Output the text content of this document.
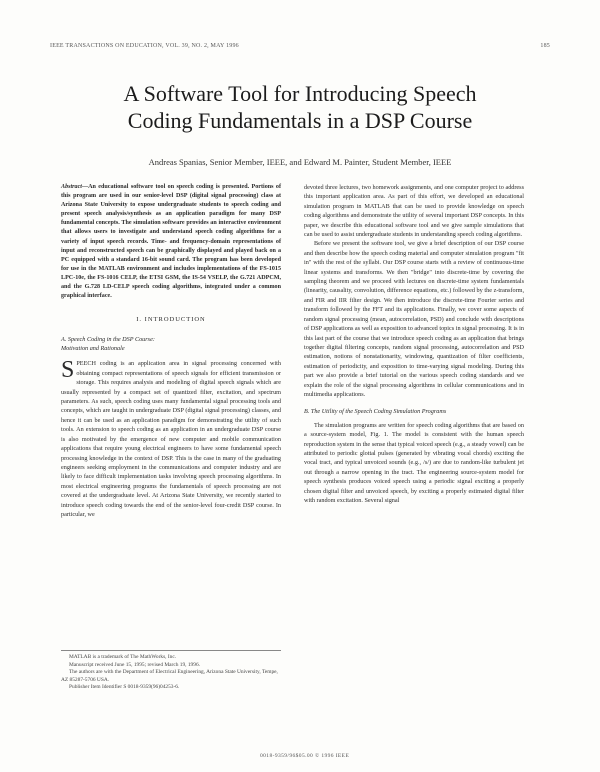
IEEE TRANSACTIONS ON EDUCATION, VOL. 39, NO. 2, MAY 1996	185
A Software Tool for Introducing Speech
Coding Fundamentals in a DSP Course
Andreas Spanias, Senior Member, IEEE, and Edward M. Painter, Student Member, IEEE
Abstract—An educational software tool on speech coding is presented. Portions of this program are used in our senior-level DSP (digital signal processing) class at Arizona State University to expose undergraduate students to speech coding and present speech analysis/synthesis as an application paradigm for many DSP fundamental concepts. The simulation software provides an interactive environment that allows users to investigate and understand speech coding algorithms for a variety of input speech records. Time- and frequency-domain representations of input and reconstructed speech can be graphically displayed and played back on a PC equipped with a standard 16-bit sound card. The program has been developed for use in the MATLAB environment and includes implementations of the FS-1015 LPC-10e, the FS-1016 CELP, the ETSI GSM, the IS-54 VSELP, the G.721 ADPCM, and the G.728 LD-CELP speech coding algorithms, integrated under a common graphical interface.
I. INTRODUCTION
A. Speech Coding in the DSP Course:
Motivation and Rationale

SPEECH coding is an application area in signal processing concerned with obtaining compact representations of speech signals for efficient transmission or storage. This requires analysis and modeling of digital speech signals which are usually represented by a compact set of quantized filter, excitation, and spectrum parameters. As such, speech coding uses many fundamental signal processing tools and concepts, which are taught in undergraduate DSP (digital signal processing) classes, and hence it can be used as an application paradigm for demonstrating the utility of such tools. An extension to speech coding as an application in an undergraduate DSP course is also motivated by the emergence of new computer and mobile communication applications that require young electrical engineers to have some fundamental speech processing knowledge in the context of DSP. This is the case in many of the graduating engineers seeking employment in the communications and computer industry and are likely to face difficult implementation tasks involving speech processing algorithms. In most electrical engineering programs the fundamentals of speech processing are not covered at the undergraduate level. At Arizona State University, we recently started to introduce speech coding towards the end of the senior-level four-credit DSP course. In particular, we

devoted three lectures, two homework assignments, and one computer project to address this important application area. As part of this effort, we developed an educational simulation program in MATLAB that can be used to provide knowledge on speech coding algorithms and demonstrate the utility of several important DSP concepts. In this paper, we describe this educational software tool and we give sample simulations that can be used to assist undergraduate students in understanding speech coding algorithms.

Before we present the software tool, we give a brief description of our DSP course and then describe how the speech coding material and computer simulation program "fit in" with the rest of the syllabi. Our DSP course starts with a review of continuous-time linear systems and transforms. We then "bridge" into discrete-time by covering the sampling theorem and we proceed with lectures on discrete-time system fundamentals (linearity, causality, convolution, difference equations, etc.) followed by the z-transform, and FIR and IIR filter design. We then introduce the discrete-time Fourier series and transform followed by the FFT and its applications. Finally, we cover some aspects of random signal processing (mean, autocorrelation, PSD) and conclude with descriptions of DSP applications as well as exposition to advanced topics in signal processing. It is in this last part of the course that we introduce speech coding as an application that brings together digital filtering concepts, random signal processing, autocorrelation and PSD estimation, notions of nonstationarity, windowing, quantization of filter coefficients, estimation of periodicity, and exposition to time-varying signal modeling. During this part we also provide a brief tutorial on the various speech coding standards and we explain the role of the signal processing algorithms in cellular communications and in multimedia applications.

B. The Utility of the Speech Coding Simulation Programs

The simulation programs are written for speech coding algorithms that are based on a source-system model, Fig. 1. The model is consistent with the human speech reproduction system in the sense that typical voiced speech (e.g., a steady vowel) can be attributed to periodic glottal pulses (generated by vibrating vocal chords) exciting the vocal tract, and typical unvoiced sounds (e.g., /s/) are due to random-like turbulent jet out through a narrow opening in the tract. The engineering source-system model for speech synthesis produces voiced speech using a periodic signal exciting a properly chosen digital filter and unvoiced speech, by exciting a properly estimated digital filter with random excitation. Several signal

MATLAB is a trademark of The MathWorks, Inc.

Manuscript received June 15, 1995; revised March 19, 1996.

The authors are with the Department of Electrical Engineering, Arizona State University, Tempe, AZ 85287-5706 USA.

Publisher Item Identifier S 0018-9359(96)04253-6.

0018-9359/96$05.00 © 1996 IEEE
